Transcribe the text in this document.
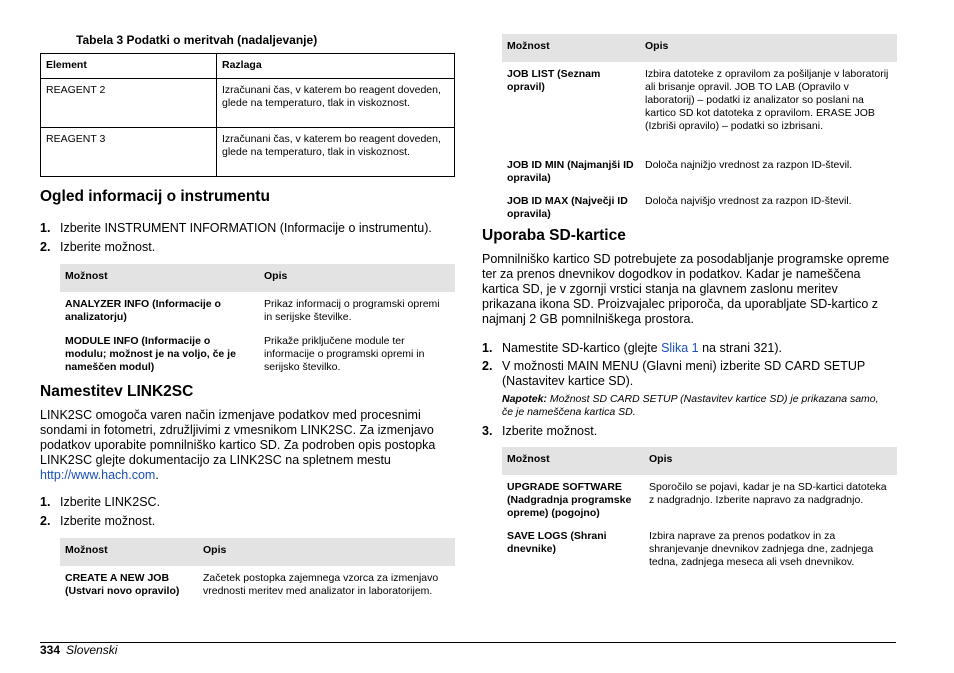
Tabela 3 Podatki o meritvah (nadaljevanje)
Element	Razlaga
REAGENT 2	Izračunani čas, v katerem bo reagent doveden, glede na temperaturo, tlak in viskoznost.
REAGENT 3	Izračunani čas, v katerem bo reagent doveden, glede na temperaturo, tlak in viskoznost.
Ogled informacij o instrumentu
1. Izberite INSTRUMENT INFORMATION (Informacije o instrumentu).
2. Izberite možnost.
Možnost	Opis
ANALYZER INFO (Informacije o analizatorju)	Prikaz informacij o programski opremi in serijske številke.
MODULE INFO (Informacije o modulu; možnost je na voljo, če je nameščen modul)	Prikaže priključene module ter informacije o programski opremi in serijsko številko.
Namestitev LINK2SC
LINK2SC omogoča varen način izmenjave podatkov med procesnimi sondami in fotometri, združljivimi z vmesnikom LINK2SC. Za izmenjavo podatkov uporabite pomnilniško kartico SD. Za podroben opis postopka LINK2SC glejte dokumentacijo za LINK2SC na spletnem mestu http://www.hach.com.
1. Izberite LINK2SC.
2. Izberite možnost.
Možnost	Opis
CREATE A NEW JOB (Ustvari novo opravilo)	Začetek postopka zajemnega vzorca za izmenjavo vrednosti meritev med analizator in laboratorijem.
Možnost	Opis
JOB LIST (Seznam opravil)	Izbira datoteke z opravilom za pošiljanje v laboratorij ali brisanje opravil. JOB TO LAB (Opravilo v laboratorij) – podatki iz analizator so poslani na kartico SD kot datoteka z opravilom. ERASE JOB (Izbriši opravilo) – podatki so izbrisani.
JOB ID MIN (Najmanjši ID opravila)	Določa najnižjo vrednost za razpon ID-števil.
JOB ID MAX (Največji ID opravila)	Določa najvišjo vrednost za razpon ID-števil.
Uporaba SD-kartice
Pomnilniško kartico SD potrebujete za posodabljanje programske opreme ter za prenos dnevnikov dogodkov in podatkov. Kadar je nameščena kartica SD, je v zgornji vrstici stanja na glavnem zaslonu meritev prikazana ikona SD. Proizvajalec priporoča, da uporabljate SD-kartico z najmanj 2 GB pomnilniškega prostora.
1. Namestite SD-kartico (glejte Slika 1 na strani 321).
2. V možnosti MAIN MENU (Glavni meni) izberite SD CARD SETUP (Nastavitev kartice SD).
Napotek: Možnost SD CARD SETUP (Nastavitev kartice SD) je prikazana samo, če je nameščena kartica SD.
3. Izberite možnost.
Možnost	Opis
UPGRADE SOFTWARE (Nadgradnja programske opreme) (pogojno)	Sporočilo se pojavi, kadar je na SD-kartici datoteka z nadgradnjo. Izberite napravo za nadgradnjo.
SAVE LOGS (Shrani dnevnike)	Izbira naprave za prenos podatkov in za shranjevanje dnevnikov zadnjega dne, zadnjega tedna, zadnjega meseca ali vseh dnevnikov.
334 Slovenski
